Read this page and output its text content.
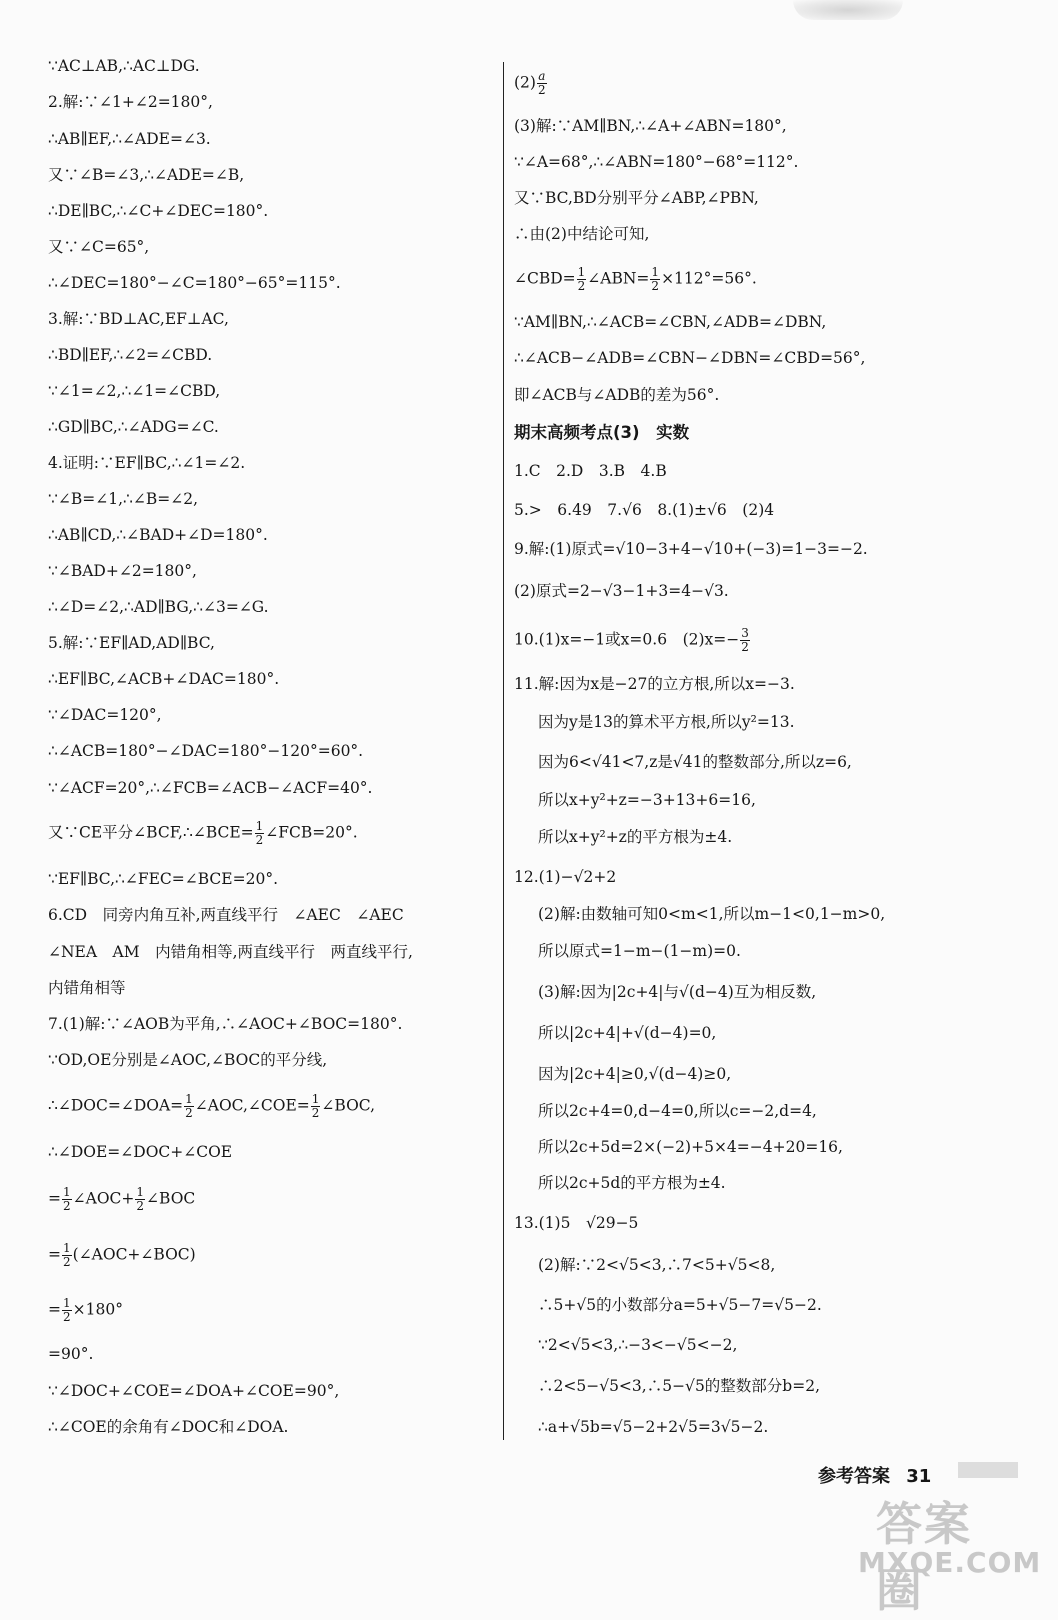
∵AC⊥AB,∴AC⊥DG.
2.解:∵∠1+∠2=180°,
∴AB∥EF,∴∠ADE=∠3.
又∵∠B=∠3,∴∠ADE=∠B,
∴DE∥BC,∴∠C+∠DEC=180°.
又∵∠C=65°,
∴∠DEC=180°−∠C=180°−65°=115°.
3.解:∵BD⊥AC,EF⊥AC,
∴BD∥EF,∴∠2=∠CBD.
∵∠1=∠2,∴∠1=∠CBD,
∴GD∥BC,∴∠ADG=∠C.
4.证明:∵EF∥BC,∴∠1=∠2.
∵∠B=∠1,∴∠B=∠2,
∴AB∥CD,∴∠BAD+∠D=180°.
∵∠BAD+∠2=180°,
∴∠D=∠2,∴AD∥BG,∴∠3=∠G.
5.解:∵EF∥AD,AD∥BC,
∴EF∥BC,∠ACB+∠DAC=180°.
∵∠DAC=120°,
∴∠ACB=180°−∠DAC=180°−120°=60°.
∵∠ACF=20°,∴∠FCB=∠ACB−∠ACF=40°.
又∵CE平分∠BCF,∴∠BCE= $\frac{1}{2}$ ∠FCB=20°.
∵EF∥BC,∴∠FEC=∠BCE=20°.
6.CD　同旁内角互补,两直线平行　∠AEC　∠AEC
∠NEA　AM　内错角相等,两直线平行　两直线平行,
内错角相等
7.(1)解:∵∠AOB为平角,∴∠AOC+∠BOC=180°.
∵OD,OE分别是∠AOC,∠BOC的平分线,
∴∠DOC=∠DOA= $\frac{1}{2}$ ∠AOC,∠COE= $\frac{1}{2}$ ∠BOC,
∴∠DOE=∠DOC+∠COE
= $\frac{1}{2}$ ∠AOC+ $\frac{1}{2}$ ∠BOC
= $\frac{1}{2}$ (∠AOC+∠BOC)
= $\frac{1}{2} \times 180^\circ$
=90°.
∵∠DOC+∠COE=∠DOA+∠COE=90°,
∴∠COE的余角有∠DOC和∠DOA.
$(2) \frac{a}{2}$
(3)解:∵AM∥BN,∴∠A+∠ABN=180°,
∵∠A=68°,∴∠ABN=180°−68°=112°.
又∵BC,BD分别平分∠ABP,∠PBN,
∴由(2)中结论可知,
∠CBD= $\frac{1}{2}$ ∠ABN= $\frac{1}{2} \times 112^\circ=56^\circ$.
∵AM∥BN,∴∠ACB=∠CBN,∠ADB=∠DBN,
∴∠ACB−∠ADB=∠CBN−∠DBN=∠CBD=56°,
即∠ACB与∠ADB的差为56°.
期末高频考点(3)　实数
1.C　2.D　3.B　4.B
5.>　6.49　7.√6　8.(1)±√6　(2)4
9.解:(1)原式=√10−3+4−√10+(−3)=1−3=−2.
(2)原式=2−√3−1+3=4−√3.
10.(1)x=−1或x=0.6　$(2)x=- \frac{3}{2}$
11.解:因为x是−27的立方根,所以x=−3.
因为y是13的算术平方根,所以y²=13.
因为6<√41<7,z是√41的整数部分,所以z=6,
所以x+y²+z=−3+13+6=16,
所以x+y²+z的平方根为±4.
12.(1)−√2+2
(2)解:由数轴可知0<m<1,所以m−1<0,1−m>0,
所以原式=1−m−(1−m)=0.
(3)解:因为|2c+4|与√(d−4)互为相反数,
所以|2c+4|+√(d−4)=0,
因为|2c+4|≥0,√(d−4)≥0,
所以2c+4=0,d−4=0,所以c=−2,d=4,
所以2c+5d=2×(−2)+5×4=−4+20=16,
所以2c+5d的平方根为±4.
13.(1)5　√29−5
(2)解:∵2<√5<3,∴7<5+√5<8,
∴5+√5的小数部分a=5+√5−7=√5−2.
∵2<√5<3,∴−3<−√5<−2,
∴2<5−√5<3,∴5−√5的整数部分b=2,
∴a+√5b=√5−2+2√5=3√5−2.
参考答案 31
答案圈
MXQE.COM
